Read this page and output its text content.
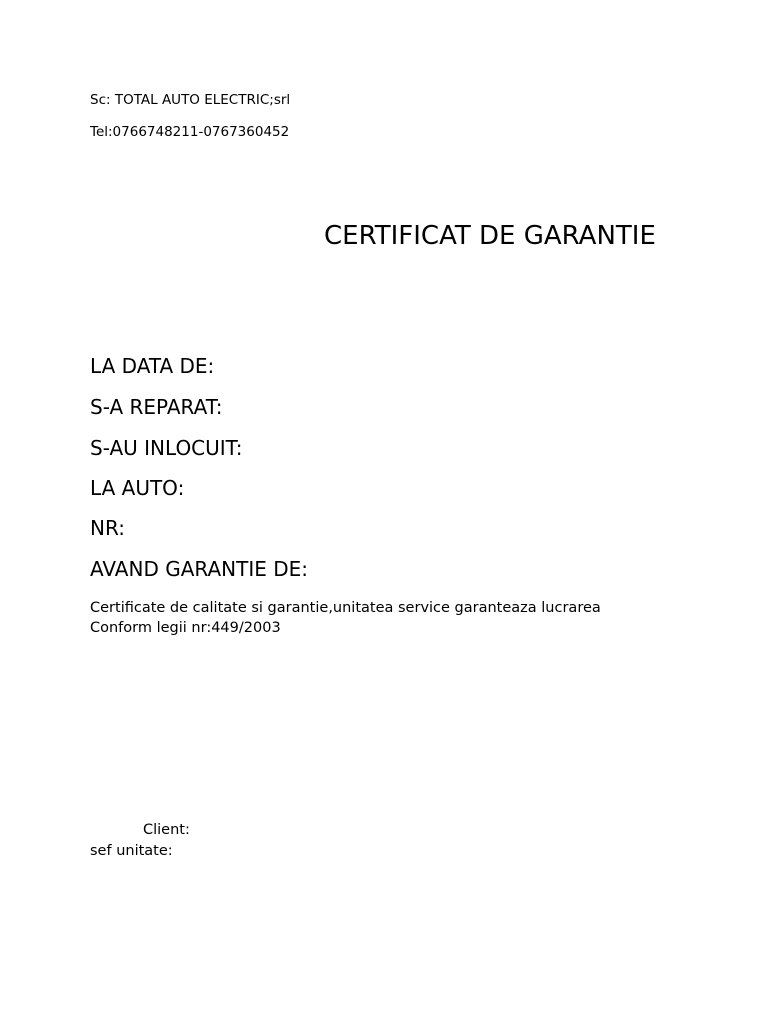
Sc: TOTAL AUTO ELECTRIC;srl

Tel:0766748211-0767360452

CERTIFICAT DE GARANTIE

LA DATA DE:

S-A REPARAT:

S-AU INLOCUIT:

LA AUTO:

NR:

AVAND GARANTIE DE:

Certificate de calitate si garantie,unitatea service garanteaza lucrarea
Conform legii nr:449/2003

Client:

sef unitate:
